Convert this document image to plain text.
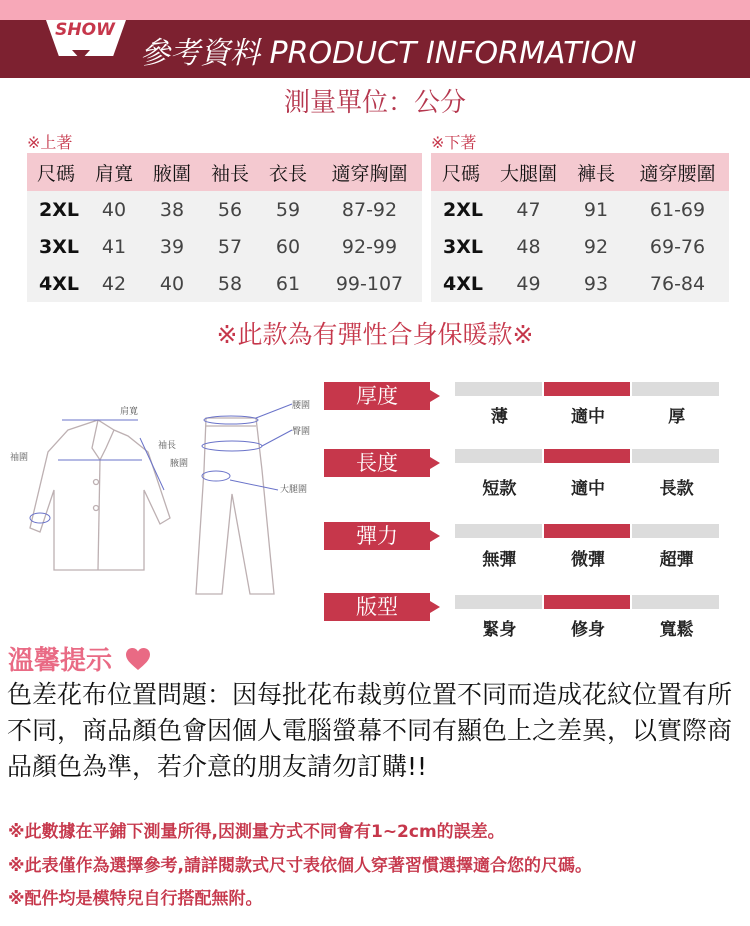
SHOW
參考資料 PRODUCT INFORMATION
測量單位：公分
※上著					
尺碼	肩寬	腋圍	袖長	衣長	適穿胸圍
2XL	40	38	56	59	87-92
3XL	41	39	57	60	92-99
4XL	42	40	58	61	99-107
※下著			
尺碼	大腿圍	褲長	適穿腰圍
2XL	47	91	61-69
3XL	48	92	69-76
4XL	49	93	76-84
※此款為有彈性合身保暖款※
肩寬
袖長
腋圍
袖圍
腰圍
臀圍
大腿圍
厚度
薄	適中	厚
長度
短款	適中	長款
彈力
無彈	微彈	超彈
版型
緊身	修身	寬鬆
溫馨提示
色差花布位置問題：因每批花布裁剪位置不同而造成花紋位置有所不同，商品顏色會因個人電腦螢幕不同有顯色上之差異，以實際商品顏色為準，若介意的朋友請勿訂購!!
※此數據在平鋪下測量所得,因測量方式不同會有1~2cm的誤差。
※此表僅作為選擇參考,請詳閱款式尺寸表依個人穿著習慣選擇適合您的尺碼。
※配件均是模特兒自行搭配無附。
